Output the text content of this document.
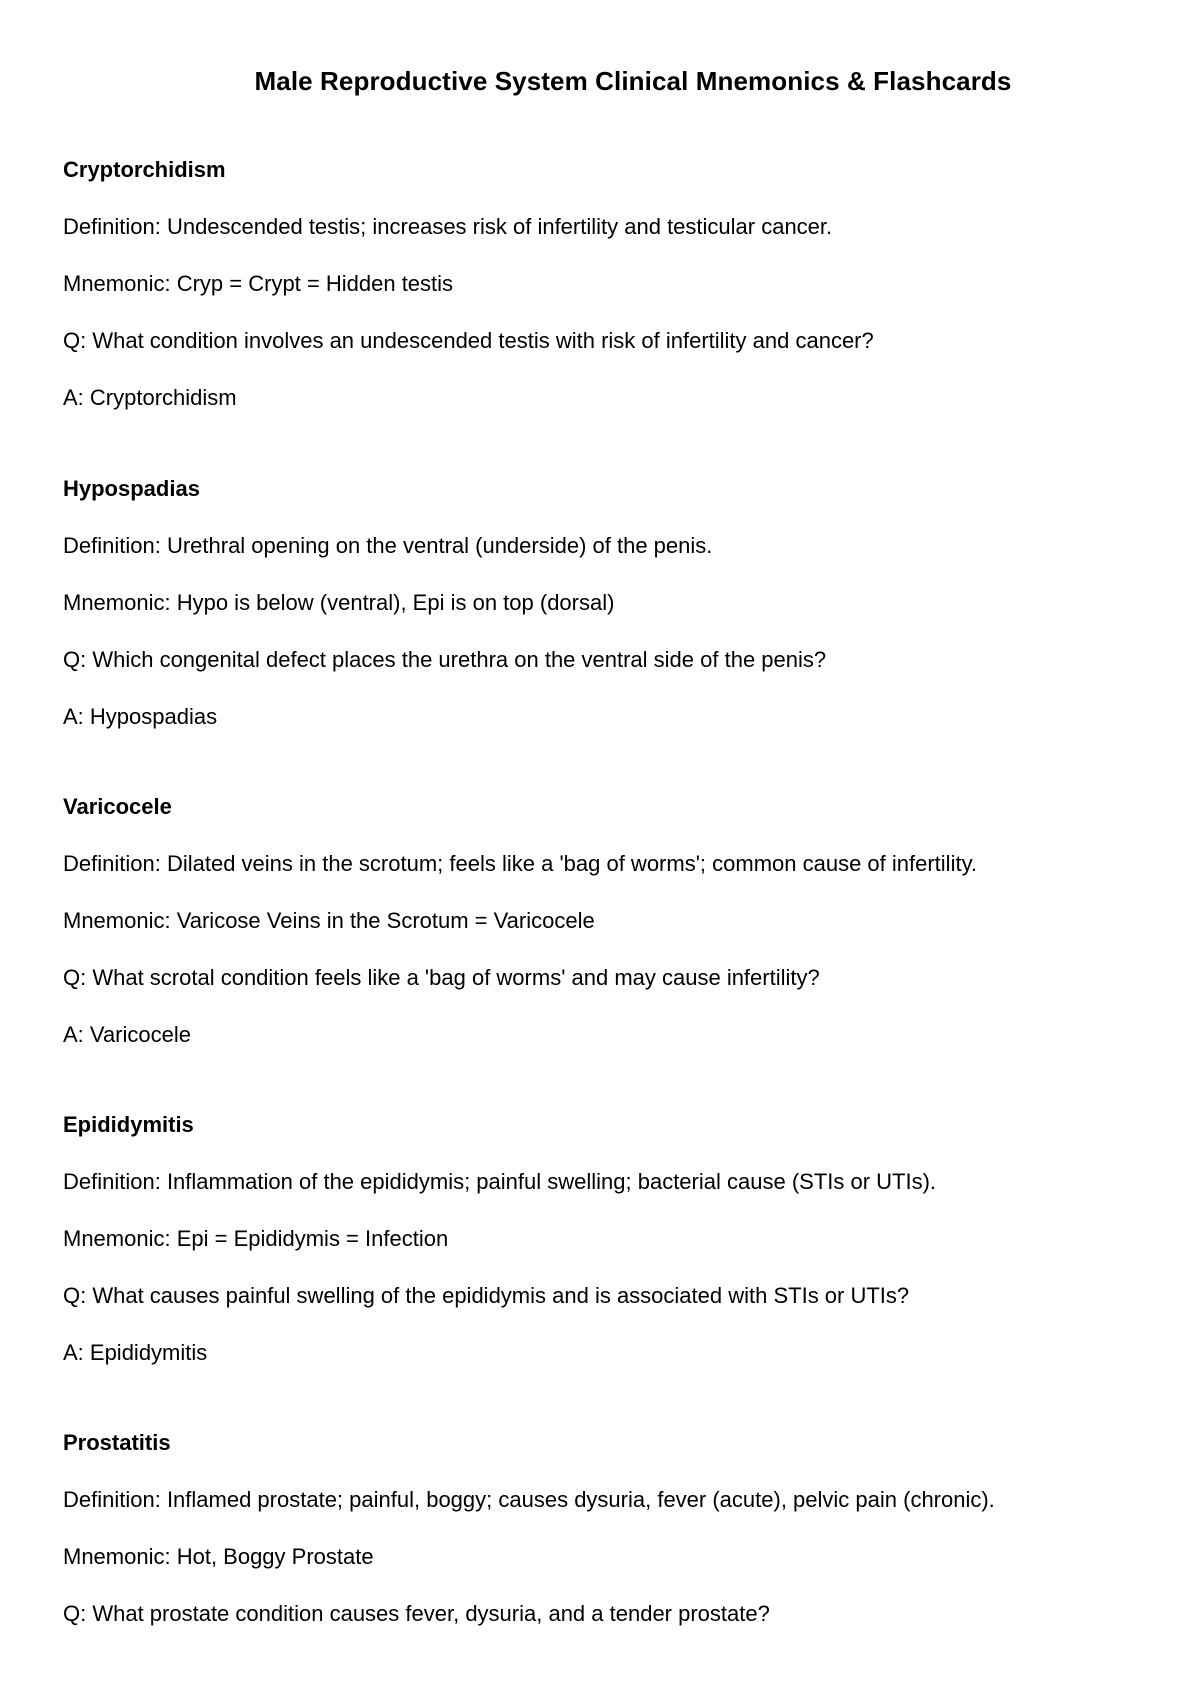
Male Reproductive System Clinical Mnemonics & Flashcards
Cryptorchidism
Definition: Undescended testis; increases risk of infertility and testicular cancer.
Mnemonic: Cryp = Crypt = Hidden testis
Q: What condition involves an undescended testis with risk of infertility and cancer?
A: Cryptorchidism
Hypospadias
Definition: Urethral opening on the ventral (underside) of the penis.
Mnemonic: Hypo is below (ventral), Epi is on top (dorsal)
Q: Which congenital defect places the urethra on the ventral side of the penis?
A: Hypospadias
Varicocele
Definition: Dilated veins in the scrotum; feels like a 'bag of worms'; common cause of infertility.
Mnemonic: Varicose Veins in the Scrotum = Varicocele
Q: What scrotal condition feels like a 'bag of worms' and may cause infertility?
A: Varicocele
Epididymitis
Definition: Inflammation of the epididymis; painful swelling; bacterial cause (STIs or UTIs).
Mnemonic: Epi = Epididymis = Infection
Q: What causes painful swelling of the epididymis and is associated with STIs or UTIs?
A: Epididymitis
Prostatitis
Definition: Inflamed prostate; painful, boggy; causes dysuria, fever (acute), pelvic pain (chronic).
Mnemonic: Hot, Boggy Prostate
Q: What prostate condition causes fever, dysuria, and a tender prostate?
